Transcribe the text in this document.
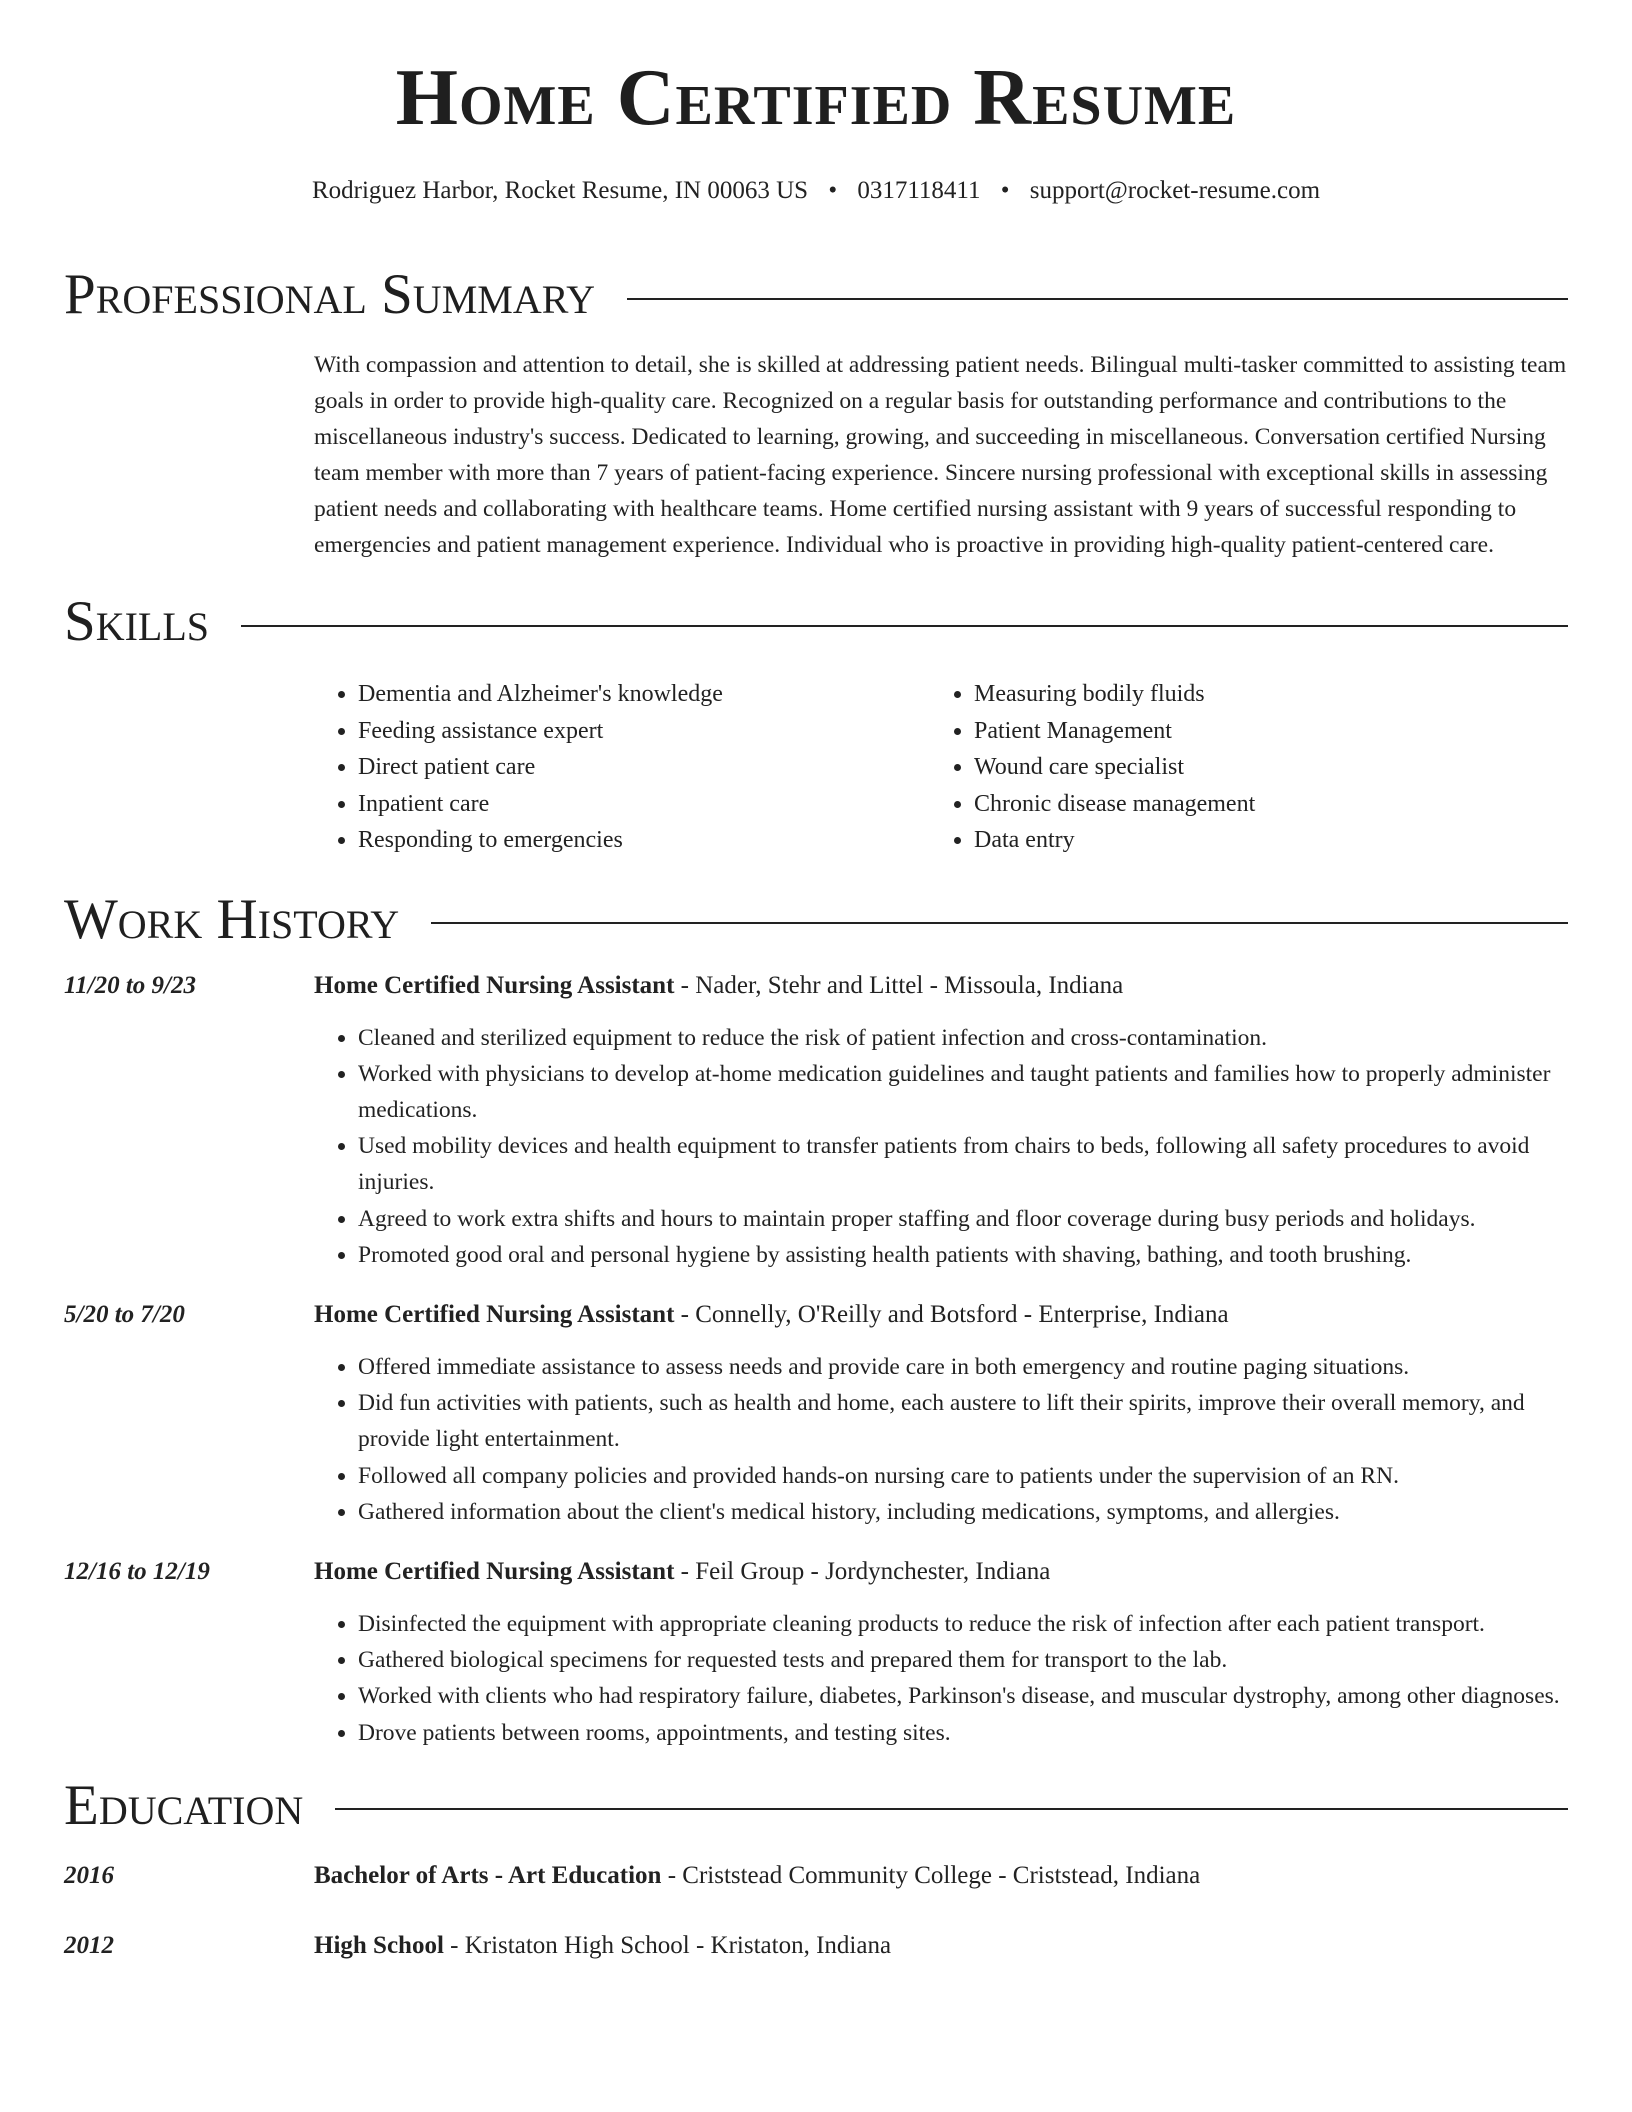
Home Certified Resume
Rodriguez Harbor, Rocket Resume, IN 00063 US • 0317118411 • support@rocket-resume.com
Professional Summary

With compassion and attention to detail, she is skilled at addressing patient needs. Bilingual multi-tasker committed to assisting team goals in order to provide high-quality care. Recognized on a regular basis for outstanding performance and contributions to the miscellaneous industry's success. Dedicated to learning, growing, and succeeding in miscellaneous. Conversation certified Nursing team member with more than 7 years of patient-facing experience. Sincere nursing professional with exceptional skills in assessing patient needs and collaborating with healthcare teams. Home certified nursing assistant with 9 years of successful responding to emergencies and patient management experience. Individual who is proactive in providing high-quality patient-centered care.

Skills
• Dementia and Alzheimer's knowledge
• Feeding assistance expert
• Direct patient care
• Inpatient care
• Responding to emergencies
• Measuring bodily fluids
• Patient Management
• Wound care specialist
• Chronic disease management
• Data entry
Work History
11/20 to 9/23	Home Certified Nursing Assistant - Nader, Stehr and Littel - Missoula, Indiana
• Cleaned and sterilized equipment to reduce the risk of patient infection and cross-contamination.
• Worked with physicians to develop at-home medication guidelines and taught patients and families how to properly administer medications.
• Used mobility devices and health equipment to transfer patients from chairs to beds, following all safety procedures to avoid injuries.
• Agreed to work extra shifts and hours to maintain proper staffing and floor coverage during busy periods and holidays.
• Promoted good oral and personal hygiene by assisting health patients with shaving, bathing, and tooth brushing.
5/20 to 7/20	Home Certified Nursing Assistant - Connelly, O'Reilly and Botsford - Enterprise, Indiana
• Offered immediate assistance to assess needs and provide care in both emergency and routine paging situations.
• Did fun activities with patients, such as health and home, each austere to lift their spirits, improve their overall memory, and provide light entertainment.
• Followed all company policies and provided hands-on nursing care to patients under the supervision of an RN.
• Gathered information about the client's medical history, including medications, symptoms, and allergies.
12/16 to 12/19	Home Certified Nursing Assistant - Feil Group - Jordynchester, Indiana
• Disinfected the equipment with appropriate cleaning products to reduce the risk of infection after each patient transport.
• Gathered biological specimens for requested tests and prepared them for transport to the lab.
• Worked with clients who had respiratory failure, diabetes, Parkinson's disease, and muscular dystrophy, among other diagnoses.
• Drove patients between rooms, appointments, and testing sites.
Education
2016	Bachelor of Arts - Art Education - Criststead Community College - Criststead, Indiana
2012	High School - Kristaton High School - Kristaton, Indiana
